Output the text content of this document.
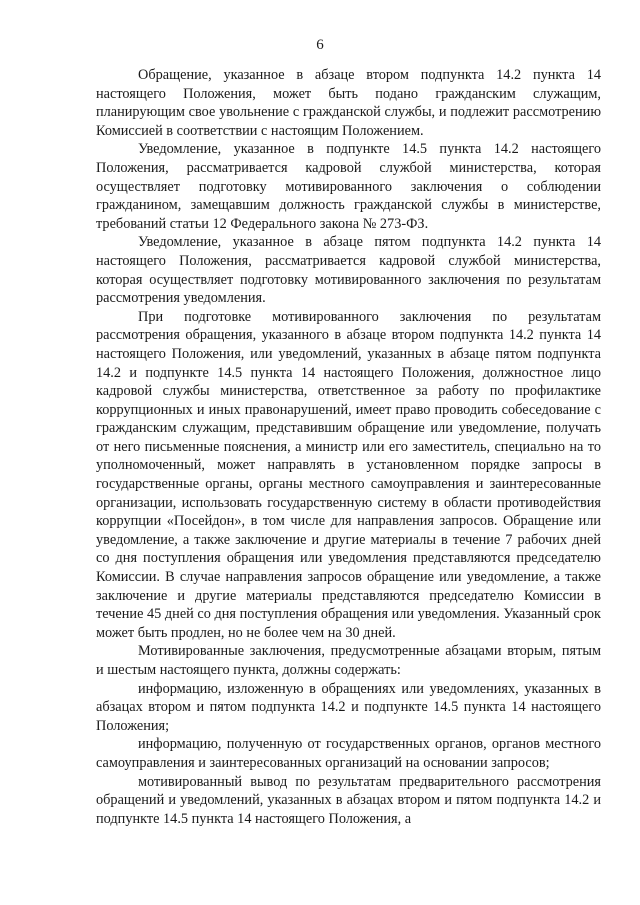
6

Обращение, указанное в абзаце втором подпункта 14.2 пункта 14 настоящего Положения, может быть подано гражданским служащим, планирующим свое увольнение с гражданской службы, и подлежит рассмотрению Комиссией в соответствии с настоящим Положением.

Уведомление, указанное в подпункте 14.5 пункта 14.2 настоящего Положения, рассматривается кадровой службой министерства, которая осуществляет подготовку мотивированного заключения о соблюдении гражданином, замещавшим должность гражданской службы в министерстве, требований статьи 12 Федерального закона № 273-ФЗ.

Уведомление, указанное в абзаце пятом подпункта 14.2 пункта 14 настоящего Положения, рассматривается кадровой службой министерства, которая осуществляет подготовку мотивированного заключения по результатам рассмотрения уведомления.

При подготовке мотивированного заключения по результатам рассмотрения обращения, указанного в абзаце втором подпункта 14.2 пункта 14 настоящего Положения, или уведомлений, указанных в абзаце пятом подпункта 14.2 и подпункте 14.5 пункта 14 настоящего Положения, должностное лицо кадровой службы министерства, ответственное за работу по профилактике коррупционных и иных правонарушений, имеет право проводить собеседование с гражданским служащим, представившим обращение или уведомление, получать от него письменные пояснения, а министр или его заместитель, специально на то уполномоченный, может направлять в установленном порядке запросы в государственные органы, органы местного самоуправления и заинтересованные организации, использовать государственную систему в области противодействия коррупции «Посейдон», в том числе для направления запросов. Обращение или уведомление, а также заключение и другие материалы в течение 7 рабочих дней со дня поступления обращения или уведомления представляются председателю Комиссии. В случае направления запросов обращение или уведомление, а также заключение и другие материалы представляются председателю Комиссии в течение 45 дней со дня поступления обращения или уведомления. Указанный срок может быть продлен, но не более чем на 30 дней.

Мотивированные заключения, предусмотренные абзацами вторым, пятым и шестым настоящего пункта, должны содержать:

информацию, изложенную в обращениях или уведомлениях, указанных в абзацах втором и пятом подпункта 14.2 и подпункте 14.5 пункта 14 настоящего Положения;

информацию, полученную от государственных органов, органов местного самоуправления и заинтересованных организаций на основании запросов;

мотивированный вывод по результатам предварительного рассмотрения обращений и уведомлений, указанных в абзацах втором и пятом подпункта 14.2 и подпункте 14.5 пункта 14 настоящего Положения, а
